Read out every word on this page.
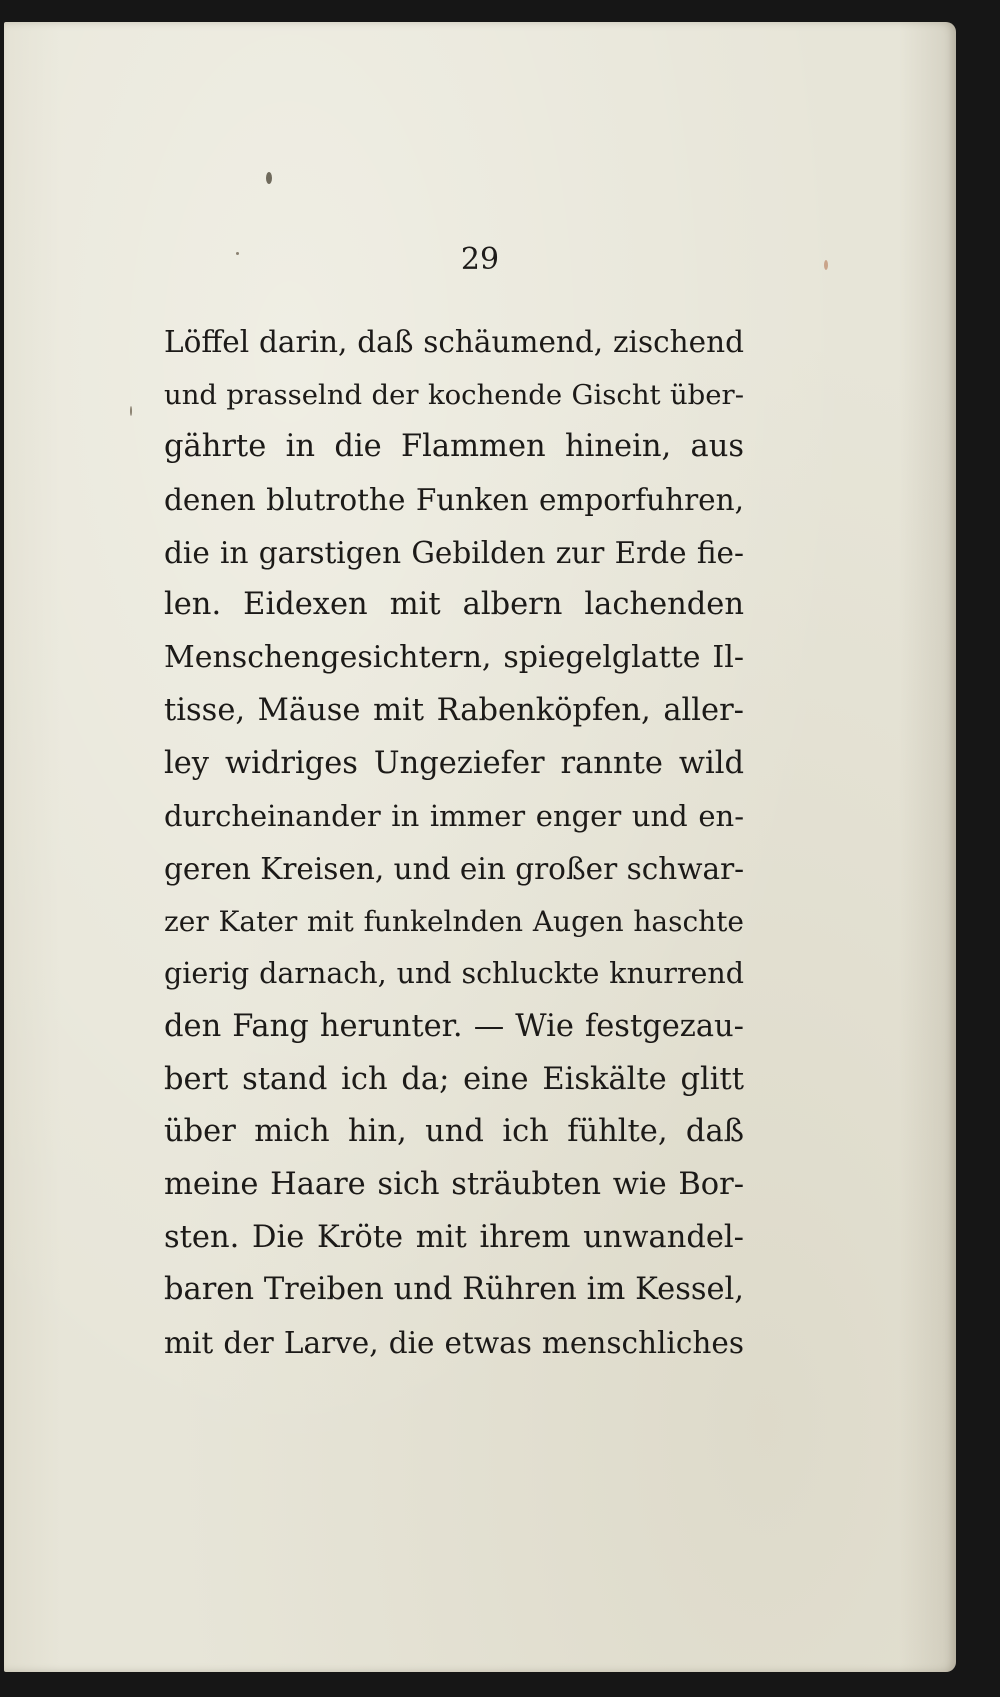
29
Löffel darin, daß schäumend, zischend
und prasselnd der kochende Gischt über-
gährte in die Flammen hinein, aus
denen blutrothe Funken emporfuhren,
die in garstigen Gebilden zur Erde fie-
len. Eidexen mit albern lachenden
Menschengesichtern, spiegelglatte Il-
tisse, Mäuse mit Rabenköpfen, aller-
ley widriges Ungeziefer rannte wild
durcheinander in immer enger und en-
geren Kreisen, und ein großer schwar-
zer Kater mit funkelnden Augen haschte
gierig darnach, und schluckte knurrend
den Fang herunter. — Wie festgezau-
bert stand ich da; eine Eiskälte glitt
über mich hin, und ich fühlte, daß
meine Haare sich sträubten wie Bor-
sten. Die Kröte mit ihrem unwandel-
baren Treiben und Rühren im Kessel,
mit der Larve, die etwas menschliches
